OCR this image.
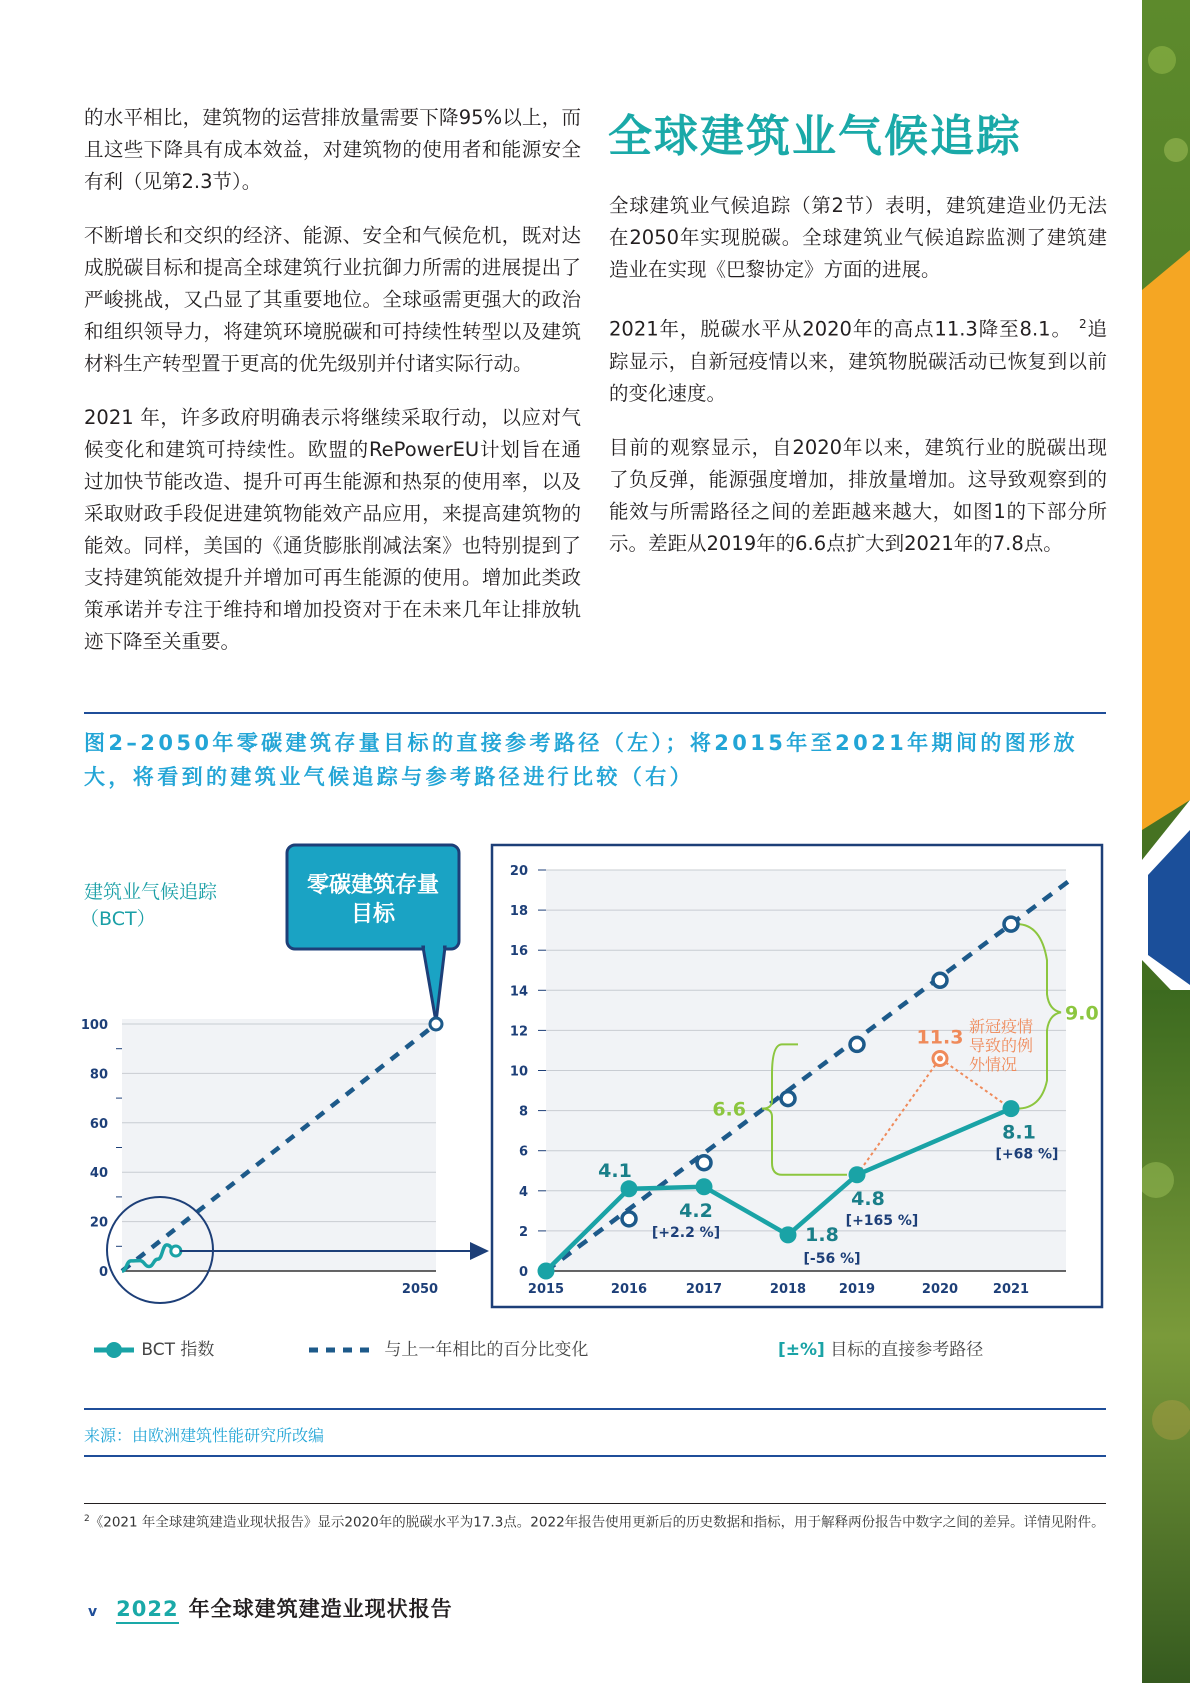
的水平相比，建筑物的运营排放量需要下降95%以上，而且这些下降具有成本效益，对建筑物的使用者和能源安全有利（见第2.3节）。

不断增长和交织的经济、能源、安全和气候危机，既对达成脱碳目标和提高全球建筑行业抗御力所需的进展提出了严峻挑战，又凸显了其重要地位。全球亟需更强大的政治和组织领导力，将建筑环境脱碳和可持续性转型以及建筑材料生产转型置于更高的优先级别并付诸实际行动。

2021 年，许多政府明确表示将继续采取行动，以应对气候变化和建筑可持续性。欧盟的RePowerEU计划旨在通过加快节能改造、提升可再生能源和热泵的使用率，以及采取财政手段促进建筑物能效产品应用，来提高建筑物的能效。同样，美国的《通货膨胀削减法案》也特别提到了支持建筑能效提升并增加可再生能源的使用。增加此类政策承诺并专注于维持和增加投资对于在未来几年让排放轨迹下降至关重要。

全球建筑业气候追踪

全球建筑业气候追踪（第2节）表明，建筑建造业仍无法在2050年实现脱碳。全球建筑业气候追踪监测了建筑建造业在实现《巴黎协定》方面的进展。

2021年，脱碳水平从2020年的高点11.3降至8.1。 $^2$追踪显示，自新冠疫情以来，建筑物脱碳活动已恢复到以前的变化速度。

目前的观察显示，自2020年以来，建筑行业的脱碳出现了负反弹，能源强度增加，排放量增加。这导致观察到的能效与所需路径之间的差距越来越大，如图1的下部分所示。差距从2019年的6.6点扩大到2021年的7.8点。

图2–2050年零碳建筑存量目标的直接参考路径（左）；将2015年至2021年期间的图形放大，将看到的建筑业气候追踪与参考路径进行比较（右）
建筑业气候追踪
（BCT）
零碳建筑存量
目标
0
20
40
60
80
100
2050
0
2
4
6
8
10
12
14
16
18
20
2015	2016	2017	2018	2019	2020	2021
6.6
9.0
4.1
4.2
[+2.2 %]	1.8
[-56 %]
4.8
[+165 %]
11.3
8.1
[+68 %]
新冠疫情
导致的例
外情况
BCT 指数	与上一年相比的百分比变化	[±%] 目标的直接参考路径
来源：由欧洲建筑性能研究所改编
$^2$《2021 年全球建筑建造业现状报告》显示2020年的脱碳水平为17.3点。2022年报告使用更新后的历史数据和指标，用于解释两份报告中数字之间的差异。详情见附件。
v 2022 年全球建筑建造业现状报告
